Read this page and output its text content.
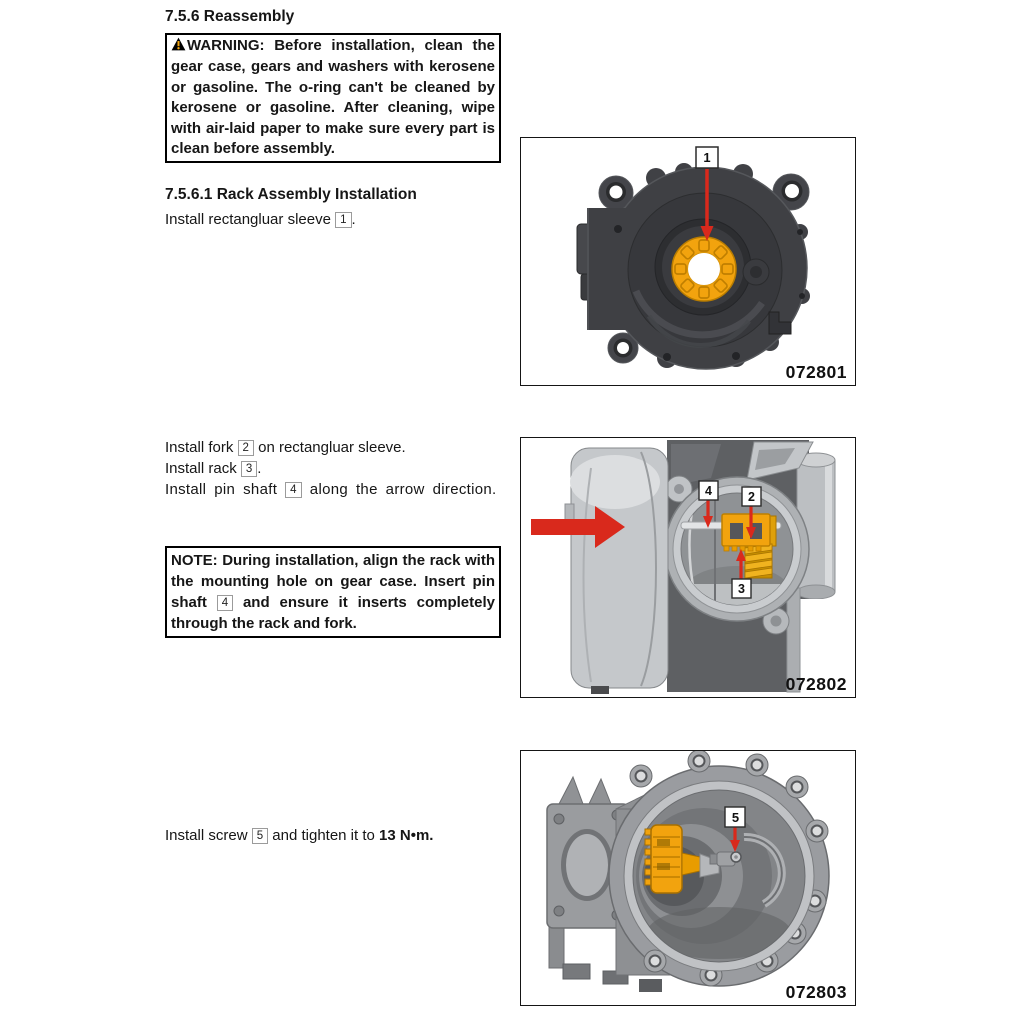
7.5.6 Reassembly
WARNING: Before installation, clean the gear case, gears and washers with kerosene or gasoline. The o-ring can't be cleaned by kerosene or gasoline. After cleaning, wipe with air-laid paper to make sure every part is clean before assembly.
7.5.6.1 Rack Assembly Installation
Install rectangluar sleeve 1 .
Install fork 2 on rectangluar sleeve.
Install rack 3 .
Install pin shaft 4 along the arrow direction.
NOTE: During installation, align the rack with the mounting hole on gear case. Insert pin shaft 4 and ensure it inserts completely through the rack and fork.
Install screw 5 and tighten it to 13 N•m.
1
072801
4	2
3
072802
5
072803
